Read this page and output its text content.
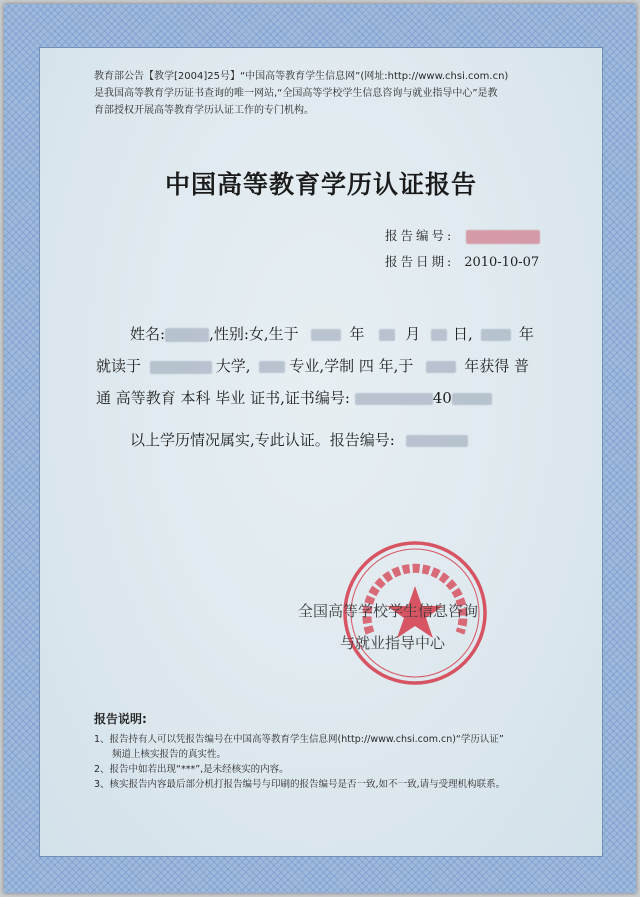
教育部公告【教学[2004]25号】“中国高等教育学生信息网”(网址:http://www.chsi.com.cn)
是我国高等教育学历证书查询的唯一网站,“全国高等学校学生信息咨询与就业指导中心”是教
育部授权开展高等教育学历认证工作的专门机构。
中国高等教育学历认证报告
报告编号:
报告日期: 2010-10-07
姓名:	,性别:女,生于	年	月 日,	年
就读于	大学,	专业,学制 四 年,于	年获得 普
通 高等教育 本科 毕业 证书,证书编号:	40
以上学历情况属实,专此认证。报告编号:
全国高等学校学生信息咨询
与就业指导中心
报告说明:
1、报告持有人可以凭报告编号在中国高等教育学生信息网(http://www.chsi.com.cn)“学历认证”
频道上核实报告的真实性。
2、报告中如若出现“***”,是未经核实的内容。
3、核实报告内容最后部分机打报告编号与印刷的报告编号是否一致,如不一致,请与受理机构联系。
